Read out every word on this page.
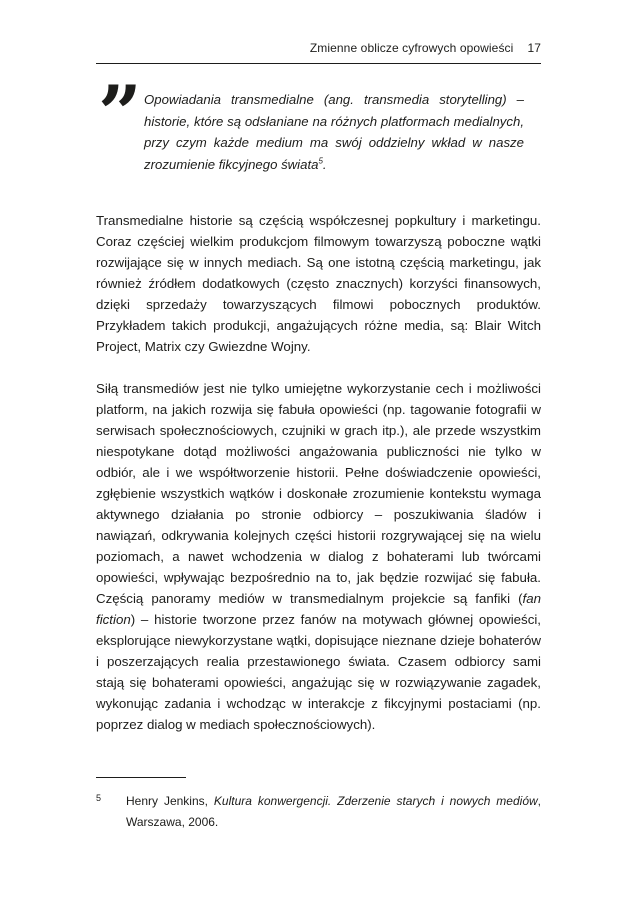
Zmienne oblicze cyfrowych opowieści 17
” Opowiadania transmedialne (ang. transmedia storytelling) – historie, które są odsłaniane na różnych platformach medialnych, przy czym każde medium ma swój oddzielny wkład w nasze zrozumienie fikcyjnego świata$^5$.

Transmedialne historie są częścią współczesnej popkultury i marketingu. Coraz częściej wielkim produkcjom filmowym towarzyszą poboczne wątki rozwijające się w innych mediach. Są one istotną częścią marketingu, jak również źródłem dodatkowych (często znacznych) korzyści finansowych, dzięki sprzedaży towarzyszących filmowi pobocznych produktów. Przykładem takich produkcji, angażujących różne media, są: Blair Witch Project, Matrix czy Gwiezdne Wojny.

Siłą transmediów jest nie tylko umiejętne wykorzystanie cech i możliwości platform, na jakich rozwija się fabuła opowieści (np. tagowanie fotografii w serwisach społecznościowych, czujniki w grach itp.), ale przede wszystkim niespotykane dotąd możliwości angażowania publiczności nie tylko w odbiór, ale i we współtworzenie historii. Pełne doświadczenie opowieści, zgłębienie wszystkich wątków i doskonałe zrozumienie kontekstu wymaga aktywnego działania po stronie odbiorcy – poszukiwania śladów i nawiązań, odkrywania kolejnych części historii rozgrywającej się na wielu poziomach, a nawet wchodzenia w dialog z bohaterami lub twórcami opowieści, wpływając bezpośrednio na to, jak będzie rozwijać się fabuła. Częścią panoramy mediów w transmedialnym projekcie są fanfiki (fan fiction) – historie tworzone przez fanów na motywach głównej opowieści, eksplorujące niewykorzystane wątki, dopisujące nieznane dzieje bohaterów i poszerzających realia przestawionego świata. Czasem odbiorcy sami stają się bohaterami opowieści, angażując się w rozwiązywanie zagadek, wykonując zadania i wchodząc w interakcje z fikcyjnymi postaciami (np. poprzez dialog w mediach społecznościowych).

5 Henry Jenkins, Kultura konwergencji. Zderzenie starych i nowych mediów, Warszawa, 2006.
